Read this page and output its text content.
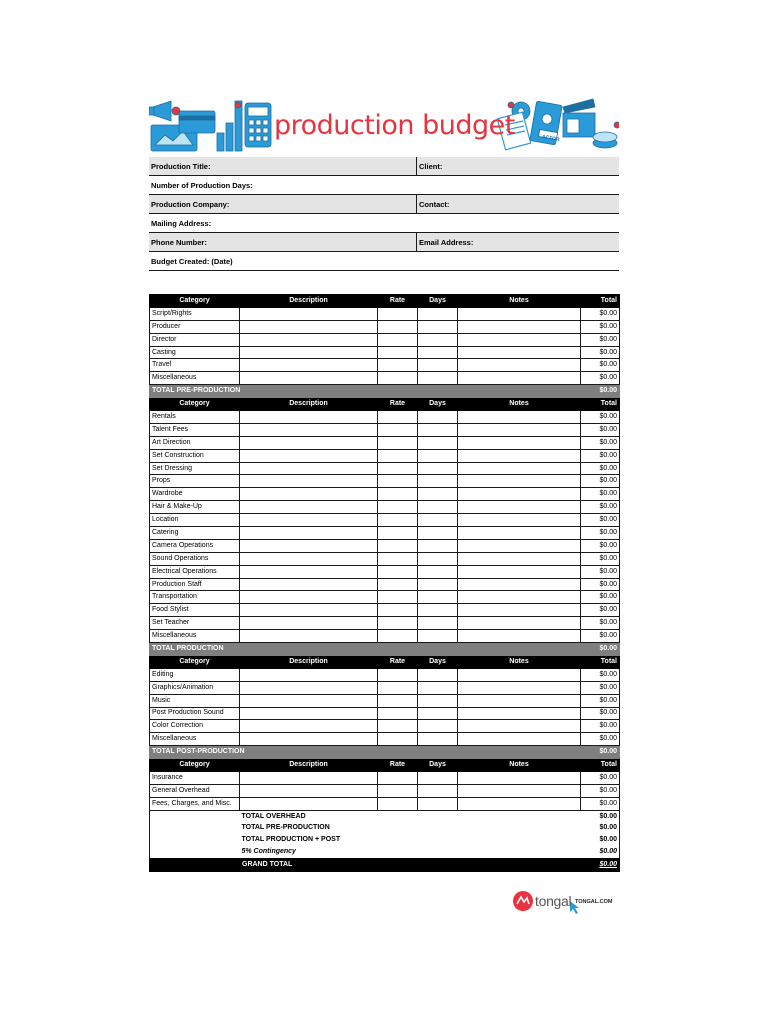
ACTOR
production budget
Production Title:	Client:
Number of Production Days:
Production Company:	Contact:
Mailing Address:
Phone Number:	Email Address:
Budget Created: (Date)
Category	Description	Rate	Days	Notes	Total
Script/Rights					$0.00
Producer					$0.00
Director					$0.00
Casting					$0.00
Travel					$0.00
Miscellaneous					$0.00
TOTAL PRE-PRODUCTION					$0.00
Category	Description	Rate	Days	Notes	Total
Rentals					$0.00
Talent Fees					$0.00
Art Direction					$0.00
Set Construction					$0.00
Set Dressing					$0.00
Props					$0.00
Wardrobe					$0.00
Hair & Make-Up					$0.00
Location					$0.00
Catering					$0.00
Camera Operations					$0.00
Sound Operations					$0.00
Electrical Operations					$0.00
Production Staff					$0.00
Transportation					$0.00
Food Stylist					$0.00
Set Teacher					$0.00
Miscellaneous					$0.00
TOTAL PRODUCTION					$0.00
Category	Description	Rate	Days	Notes	Total
Editing					$0.00
Graphics/Animation					$0.00
Music					$0.00
Post Production Sound					$0.00
Color Correction					$0.00
Miscellaneous					$0.00
TOTAL POST-PRODUCTION					$0.00
Category	Description	Rate	Days	Notes	Total
Insurance					$0.00
General Overhead					$0.00
Fees, Charges, and Misc.					$0.00
	TOTAL OVERHEAD				$0.00
	TOTAL PRE-PRODUCTION				$0.00
	TOTAL PRODUCTION + POST				$0.00
	5% Contingency				$0.00
	GRAND TOTAL				$0.00
tongal TONGAL.COM
